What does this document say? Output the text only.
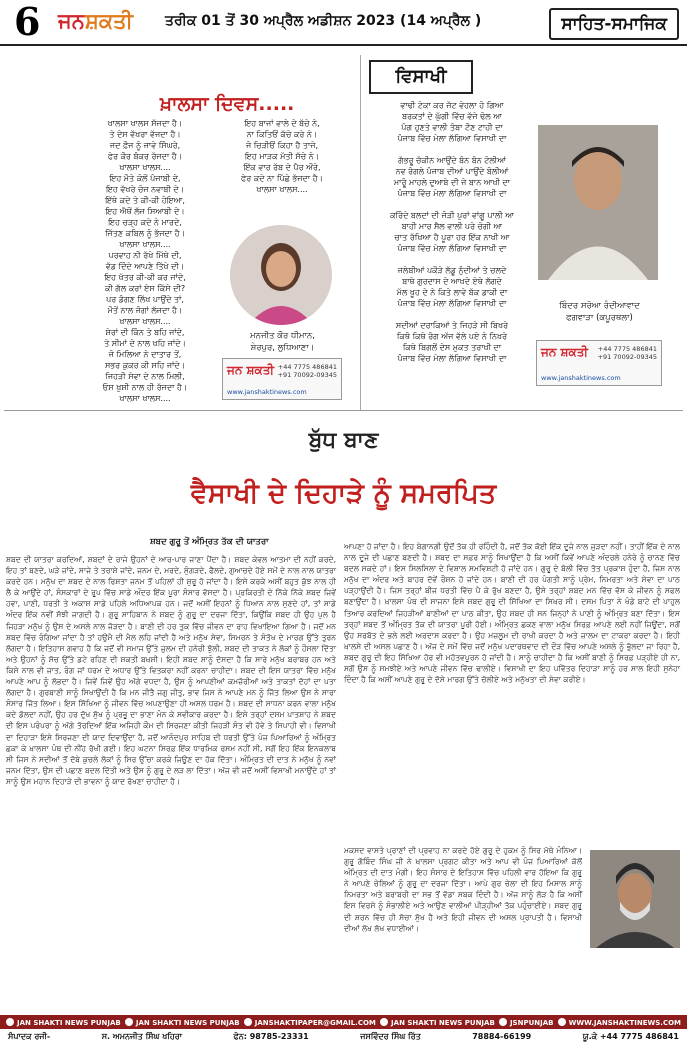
6 ਜਨਸ਼ਕਤੀ ਤਰੀਕ 01 ਤੋਂ 30 ਅਪ੍ਰੈਲ ਅਡੀਸ਼ਨ 2023 (14 ਅਪ੍ਰੈਲ )	ਸਾਹਿਤ-ਸਮਾਜਿਕ
ਖ਼ਾਲਸਾ ਦਿਵਸ.....
ਖਾਲਸਾ ਖਾਲਸ ਸੱਜਦਾ ਹੈ।
ਤੇ ਦੇਸ ਵੱਖਰਾ ਵੱਜਦਾ ਹੈ।
ਜਦ ਫ਼ੌਜ ਨੂੰ ਜਾਵੇ ਸਿੰਘਰੇ,
ਫੇਰ ਕੌਰ ਬੰਕਰ ਰੱਜਦਾ ਹੈ।
ਖਾਲਸਾ ਖਾਲਸ....
ਇਹ ਮੌਤੇ ਕੋਲੋਂ ਪੰਜਾਬੀ ਦੇ,
ਇਹ ਵੱਖਰੇ ਚੋਜ ਨਵਾਬੀ ਦੇ।
ਇੱਥੇ ਕਦੇ ਤੇ ਕੀ-ਕੀ ਹੋਇਆ,
ਇਹ ਐਥੋਂ ਲੱਜ ਸਿਆਬੀ ਦੇ।
ਇਹ ਚੜ੍ਹ ਕਦੇ ਨੇ ਮਾਰਦੇ,
ਜਿੱਤਣ ਕਬਿਲ ਨੂੰ ਭੱਜਦਾ ਹੈ।
ਖਾਲਸਾ ਖਾਲਸ....
ਪਰਵਾਹ ਨੀ ਰੱਖੇ ਮਿੱਥੇ ਦੀ,
ਵੱਡ ਦਿੰਦੇ ਆਪਣੇ ਤਿੱਖੇ ਦੀ।
ਇਹ ਖੱਤਰ ਕੀ-ਕੀ ਕਰ ਜਾਂਦੇ,
ਕੀ ਗੱਲ ਕਰਾਂ ਏਸ ਕਿੱਸੇ ਦੀ?
ਪਰ ਡੰਗਣ ਲਿੱਖ ਪਾਉਂਦੇ ਤਾਂ,
ਮੌਤੋਂ ਨਾਲ ਜੰਗਾਂ ਲੱਜਦਾ ਹੈ।
ਖਾਲਸਾ ਖਾਲਸ....
ਸ਼ੇਰਾਂ ਦੀ ਕਿੰਨ ਤੇ ਬਹਿ ਜਾਂਦੇ,
ਤੇ ਸੀਮਾਂ ਦੇ ਨਾਲ ਖਹਿ ਜਾਂਦੇ।
ਜੋ ਮਿਲਿਆ ਨੇ ਦਾਤਾਰ ਤੋਂ,
ਸਭਰ ਕੁਕਰ ਕੀ ਸਹਿ ਜਾਂਦੇ।
ਜਿਹੜੀ ਸੇਵਾ ਦੇ ਨਾਲ ਮਿਲੀ,
ਓਸ ਖੁਸ਼ੀ ਨਾਲ ਹੀ ਰੱਜਦਾ ਹੈ।
ਖਾਲਸਾ ਖਾਲਸ....
ਇਹ ਬਾਜਾਂ ਵਾਲੇ ਦੇ ਬੱਚੇ ਨੇ,
ਨਾ ਕਿਤਿਓਂ ਕੱਚੇ ਕਰੇ ਨੇ।
ਜੋ ਚਿੜੀਓਂ ਕਿਹਾ ਹੈ ਤਾਜੇ,
ਇਹ ਮਾੜਕ ਮੱਤੀ ਸੱਚੇ ਨੇ।
ਇੱਕ ਵਾਰ ਰੱਬ ਦੇ ਪੈਰ ਔਰੇ,
ਫੇਰ ਕਦੇ ਨਾ ਪਿੱਛੇ ਭੱਜਦਾ ਹੈ।
ਖਾਲਸਾ ਖਾਲਸ....
ਮਨਜੀਤ ਕੌਰ ਧੀਮਾਨ,
ਸ਼ੇਰਪੁਰ, ਲੁਧਿਆਣਾ।
ਜਨ ਸ਼ਕਤੀ +44 7775 486841
+91 70092-09345
www.janshaktinews.com
ਵਿਸਾਖੀ
ਵਾਢੀ ਟੇਕਾ ਕਰ ਜੱਟ ਵੇਹਲਾ ਹੋ ਗਿਆ
ਬਰਕਤਾਂ ਦੇ ਘੁੱਗੀ ਵਿੱਚ ਵੱਜੇ ਢੋਲ ਆ
ਪੰਗ ਹੁਣਤੇ ਵਾਲੀ ਤੰਬਾ ਟੌਣ ਟਾਹੀ ਦਾ
ਪੰਜਾਬ ਵਿੱਚ ਮੇਲਾ ਲੱਗਿਆ ਵਿਸਾਖੀ ਦਾ

ਗੱਭਰੂ ਚੱਕੀਨ ਆਉਂਦੇ ਬੰਨ ਬੰਨ ਟੋਲੀਆਂ
ਨਵ ਰੰਗਲੇ ਪੰਜਾਬ ਦੀਆਂ ਪਾਉਂਦੇ ਬੋਲੀਆਂ
ਮਾਰੂੰ ਮਾਹਲੇ ਦੁਆਬੇ ਦੀ ਜੇ ਬਾਨ ਆਖੀ ਦਾ
ਪੰਜਾਬ ਵਿੱਚ ਮੇਲਾ ਲੱਗਿਆ ਵਿਸਾਖੀ ਦਾ

ਕਰਿੰਦੇ ਬਲਦਾਂ ਦੀ ਜੋੜੀ ਪੁਰਾਂ ਵਾਂਗੂ ਪਾਲੀ ਆ
ਬਾਹੀ ਮਾਰ ਸੈਲ ਵਾਲੀ ਪਰੇ ਚੋਗੀ ਆ
ਚਾਤ ਰੱਖਿਆ ਹੈ ਪੂਰਾ ਹਰ ਇੱਕ ਨਾਖੀ ਆ
ਪੰਜਾਬ ਵਿੱਚ ਮੇਲਾ ਲੱਗਿਆ ਵਿਸਾਖੀ ਦਾ

ਜਲੇਬੀਆਂ ਪਕੌੜੇ ਲੱਡੂ ਨੁੰਦੀਆਂ ਤੇ ਚਲਦੇ
ਬਾਥੇ ਗੁਰਦਾਸ ਦੇ ਆਖਦੇ ਏਥੇ ਲੱਗਦੇ
ਮੱਲ ਖੂਹ ਦੇ ਨੇ ਕਿਤੇ ਲਾਵੇ ਬੱਕ ਡਾਕੀ ਦਾ
ਪੰਜਾਬ ਵਿੱਚ ਮੇਲਾ ਲੱਗਿਆ ਵਿਸਾਖੀ ਦਾ

ਸਦੀਆਂ ਦਰਾਕਿਆਂ ਤੇ ਜਿਹੜੇ ਸੀ ਬਿਖਰੇ
ਕਿਥੋ ਕਿਥੇ ਰੰਗ ਅੱਜ ਵੱਲੇ ਪਏ ਨੇ ਨਿਖਰੇ
ਕਿਥੇ ਬਿਗਲੋਂ ਦੇਸ ਮੁਕਤ ਤਰਾਖੀ ਦਾ
ਪੰਜਾਬ ਵਿੱਚ ਮੇਲਾ ਲੱਗਿਆ ਵਿਸਾਖੀ ਦਾ
ਬਿੰਦਰ ਸਰੋਆ ਰੰਦੀਆਵਾਦ
ਫਗਵਾੜਾ (ਕਪੂਰਥਲਾ)
ਜਨ ਸ਼ਕਤੀ +44 7775 486841
+91 70092-09345
www.janshaktinews.com
ਬੁੱਧ ਬਾਣ
ਵੈਸਾਖੀ ਦੇ ਦਿਹਾੜੇ ਨੂੰ ਸਮਰਪਿਤ
ਸ਼ਬਦ ਗੁਰੂ ਤੋਂ ਅੰਮ੍ਰਿਤ ਤੱਕ ਦੀ ਯਾਤਰਾ
ਸ਼ਬਦ ਦੀ ਯਾਤਰਾ ਕਰਦਿਆਂ, ਸ਼ਬਦਾਂ ਦੇ ਰਾਜੇ ਉਹਨਾਂ ਦੇ ਆਰ-ਪਾਰ ਜਾਣਾ ਪੈਂਦਾ ਹੈ। ਸ਼ਬਦ ਕੇਵਲ ਆਤਮਾ ਦੀ ਨਹੀਂ ਕਰਦੇ, ਇਹ ਤਾਂ ਬਣਦੇ, ਘੜੇ ਜਾਂਦੇ, ਸਾਜੇ ਤੇ ਤਰਾਸ਼ੇ ਜਾਂਦੇ, ਜਨਮ ਦੇ, ਮਰਦੇ, ਸੁੰਗੜਦੇ, ਫੈਲਦੇ, ਗੁਆਚਦੇ ਹੋਏ ਸਮੇਂ ਦੇ ਨਾਲ ਨਾਲ ਯਾਤਰਾ ਕਰਦੇ ਹਨ। ਮਨੁੱਖ ਦਾ ਸ਼ਬਦ ਦੇ ਨਾਲ ਰਿਸ਼ਤਾ ਜਨਮ ਤੋਂ ਪਹਿਲਾਂ ਹੀ ਸ਼ੁਰੂ ਹੋ ਜਾਂਦਾ ਹੈ। ਇਸੇ ਕਰਕੇ ਅਸੀਂ ਬਹੁਤ ਕੁੱਝ ਨਾਲ ਹੀ ਲੈ ਕੇ ਆਉਂਦੇ ਹਾਂ, ਸੰਸਕਾਰਾਂ ਦੇ ਰੂਪ ਵਿੱਚ ਸਾਡੇ ਅੰਦਰ ਇੱਕ ਪੂਰਾ ਸੰਸਾਰ ਵੱਸਦਾ ਹੈ। ਪ੍ਰਕਿਰਤੀ ਦੇ ਨਿੱਕੇ ਨਿੱਕੇ ਸ਼ਬਦ ਜਿਵੇਂ ਹਵਾ, ਪਾਣੀ, ਧਰਤੀ ਤੇ ਅਕਾਸ਼ ਸਾਡੇ ਪਹਿਲੇ ਅਧਿਆਪਕ ਹਨ। ਜਦੋਂ ਅਸੀਂ ਇਹਨਾਂ ਨੂੰ ਧਿਆਨ ਨਾਲ ਸੁਣਦੇ ਹਾਂ, ਤਾਂ ਸਾਡੇ ਅੰਦਰ ਇੱਕ ਨਵੀਂ ਸੋਝੀ ਜਾਗਦੀ ਹੈ। ਗੁਰੂ ਸਾਹਿਬਾਨ ਨੇ ਸ਼ਬਦ ਨੂੰ ਗੁਰੂ ਦਾ ਦਰਜਾ ਦਿੱਤਾ, ਕਿਉਂਕਿ ਸ਼ਬਦ ਹੀ ਉਹ ਪੁਲ ਹੈ ਜਿਹੜਾ ਮਨੁੱਖ ਨੂੰ ਉਸ ਦੇ ਅਸਲੇ ਨਾਲ ਜੋੜਦਾ ਹੈ। ਬਾਣੀ ਦੀ ਹਰ ਤੁਕ ਵਿੱਚ ਜੀਵਨ ਦਾ ਰਾਹ ਵਿਖਾਇਆ ਗਿਆ ਹੈ। ਜਦੋਂ ਮਨ ਸ਼ਬਦ ਵਿੱਚ ਰੰਗਿਆ ਜਾਂਦਾ ਹੈ ਤਾਂ ਹਉਮੈ ਦੀ ਮੈਲ ਲਹਿ ਜਾਂਦੀ ਹੈ ਅਤੇ ਮਨੁੱਖ ਸੇਵਾ, ਸਿਮਰਨ ਤੇ ਸੰਤੋਖ ਦੇ ਮਾਰਗ ਉੱਤੇ ਤੁਰਨ ਲੱਗਦਾ ਹੈ। ਇਤਿਹਾਸ ਗਵਾਹ ਹੈ ਕਿ ਜਦੋਂ ਵੀ ਸਮਾਜ ਉੱਤੇ ਜ਼ੁਲਮ ਦੀ ਹਨੇਰੀ ਝੁੱਲੀ, ਸ਼ਬਦ ਦੀ ਤਾਕਤ ਨੇ ਲੋਕਾਂ ਨੂੰ ਹੌਸਲਾ ਦਿੱਤਾ ਅਤੇ ਉਹਨਾਂ ਨੂੰ ਸੱਚ ਉੱਤੇ ਡਟੇ ਰਹਿਣ ਦੀ ਸ਼ਕਤੀ ਬਖ਼ਸ਼ੀ। ਇਹੀ ਸ਼ਬਦ ਸਾਨੂੰ ਦੱਸਦਾ ਹੈ ਕਿ ਸਾਰੇ ਮਨੁੱਖ ਬਰਾਬਰ ਹਨ ਅਤੇ ਕਿਸੇ ਨਾਲ ਵੀ ਜਾਤ, ਰੰਗ ਜਾਂ ਧਰਮ ਦੇ ਅਧਾਰ ਉੱਤੇ ਵਿਤਕਰਾ ਨਹੀਂ ਕਰਨਾ ਚਾਹੀਦਾ। ਸ਼ਬਦ ਦੀ ਇਸ ਯਾਤਰਾ ਵਿੱਚ ਮਨੁੱਖ ਆਪਣੇ ਆਪ ਨੂੰ ਲੱਭਦਾ ਹੈ। ਜਿਵੇਂ ਜਿਵੇਂ ਉਹ ਅੱਗੇ ਵਧਦਾ ਹੈ, ਉਸ ਨੂੰ ਆਪਣੀਆਂ ਕਮਜ਼ੋਰੀਆਂ ਅਤੇ ਤਾਕਤਾਂ ਦੋਹਾਂ ਦਾ ਪਤਾ ਲੱਗਦਾ ਹੈ। ਗੁਰਬਾਣੀ ਸਾਨੂੰ ਸਿਖਾਉਂਦੀ ਹੈ ਕਿ ਮਨ ਜੀਤੈ ਜਗੁ ਜੀਤੁ, ਭਾਵ ਜਿਸ ਨੇ ਆਪਣੇ ਮਨ ਨੂੰ ਜਿੱਤ ਲਿਆ ਉਸ ਨੇ ਸਾਰਾ ਸੰਸਾਰ ਜਿੱਤ ਲਿਆ। ਇਸ ਸਿੱਖਿਆ ਨੂੰ ਜੀਵਨ ਵਿੱਚ ਅਪਣਾਉਣਾ ਹੀ ਅਸਲ ਧਰਮ ਹੈ। ਸ਼ਬਦ ਦੀ ਸਾਧਨਾ ਕਰਨ ਵਾਲਾ ਮਨੁੱਖ ਕਦੇ ਡੋਲਦਾ ਨਹੀਂ, ਉਹ ਹਰ ਦੁੱਖ ਸੁੱਖ ਨੂੰ ਪ੍ਰਭੂ ਦਾ ਭਾਣਾ ਮੰਨ ਕੇ ਸਵੀਕਾਰ ਕਰਦਾ ਹੈ। ਇਸੇ ਤਰ੍ਹਾਂ ਦਸਮ ਪਾਤਸ਼ਾਹ ਨੇ ਸ਼ਬਦ ਦੀ ਇਸ ਪਰੰਪਰਾ ਨੂੰ ਅੱਗੇ ਤੋਰਦਿਆਂ ਇੱਕ ਅਜਿਹੀ ਕੌਮ ਦੀ ਸਿਰਜਣਾ ਕੀਤੀ ਜਿਹੜੀ ਸੰਤ ਵੀ ਹੋਵੇ ਤੇ ਸਿਪਾਹੀ ਵੀ। ਵਿਸਾਖੀ ਦਾ ਦਿਹਾੜਾ ਇਸੇ ਸਿਰਜਣਾ ਦੀ ਯਾਦ ਦਿਵਾਉਂਦਾ ਹੈ, ਜਦੋਂ ਆਨੰਦਪੁਰ ਸਾਹਿਬ ਦੀ ਧਰਤੀ ਉੱਤੇ ਪੰਜ ਪਿਆਰਿਆਂ ਨੂੰ ਅੰਮ੍ਰਿਤ ਛਕਾ ਕੇ ਖ਼ਾਲਸਾ ਪੰਥ ਦੀ ਨੀਂਹ ਰੱਖੀ ਗਈ। ਇਹ ਘਟਨਾ ਸਿਰਫ਼ ਇੱਕ ਧਾਰਮਿਕ ਰਸਮ ਨਹੀਂ ਸੀ, ਸਗੋਂ ਇਹ ਇੱਕ ਇਨਕਲਾਬ ਸੀ ਜਿਸ ਨੇ ਸਦੀਆਂ ਤੋਂ ਦੱਬੇ ਕੁਚਲੇ ਲੋਕਾਂ ਨੂੰ ਸਿਰ ਉੱਚਾ ਕਰਕੇ ਜਿਊਣ ਦਾ ਹੱਕ ਦਿੱਤਾ। ਅੰਮ੍ਰਿਤ ਦੀ ਦਾਤ ਨੇ ਮਨੁੱਖ ਨੂੰ ਨਵਾਂ ਜਨਮ ਦਿੱਤਾ, ਉਸ ਦੀ ਪਛਾਣ ਬਦਲ ਦਿੱਤੀ ਅਤੇ ਉਸ ਨੂੰ ਗੁਰੂ ਦੇ ਲੜ ਲਾ ਦਿੱਤਾ। ਅੱਜ ਵੀ ਜਦੋਂ ਅਸੀਂ ਵਿਸਾਖੀ ਮਨਾਉਂਦੇ ਹਾਂ ਤਾਂ ਸਾਨੂੰ ਉਸ ਮਹਾਨ ਦਿਹਾੜੇ ਦੀ ਭਾਵਨਾ ਨੂੰ ਯਾਦ ਰੱਖਣਾ ਚਾਹੀਦਾ ਹੈ।
ਆਪਣਾ ਹੋ ਜਾਂਦਾ ਹੈ। ਇਹ ਬੇਗਾਨਗੀ ਉਦੋਂ ਤੱਕ ਹੀ ਰਹਿੰਦੀ ਹੈ, ਜਦੋਂ ਤੱਕ ਕੋਈ ਇੱਕ ਦੂਜੇ ਨਾਲ ਜੁੜਦਾ ਨਹੀਂ। ਤਾਹੀਂ ਇੱਕ ਦੇ ਨਾਲ ਨਾਲ ਦੂਜੇ ਦੀ ਪਛਾਣ ਬਣਦੀ ਹੈ। ਸ਼ਬਦ ਦਾ ਸਫ਼ਰ ਸਾਨੂੰ ਸਿਖਾਉਂਦਾ ਹੈ ਕਿ ਅਸੀਂ ਕਿਵੇਂ ਆਪਣੇ ਅੰਦਰਲੇ ਹਨੇਰੇ ਨੂੰ ਚਾਨਣ ਵਿੱਚ ਬਦਲ ਸਕਦੇ ਹਾਂ। ਇਸ ਸਿਲਸਿਲਾ ਦੇ ਵਿਸ਼ਾਲ ਸਮਵਿਸ਼ਟੀ ਹੋ ਜਾਂਦੇ ਹਨ। ਗੁਰੂ ਦੇ ਬੋਲੀ ਵਿੱਚ ਤੱਤ ਪ੍ਰਕਾਸ਼ ਹੁੰਦਾ ਹੈ, ਜਿਸ ਨਾਲ ਮਨੁੱਖ ਦਾ ਅੰਦਰ ਅਤੇ ਬਾਹਰ ਦੋਵੇਂ ਰੌਸ਼ਨ ਹੋ ਜਾਂਦੇ ਹਨ। ਬਾਣੀ ਦੀ ਹਰ ਪੰਗਤੀ ਸਾਨੂੰ ਪ੍ਰੇਮ, ਨਿਮਰਤਾ ਅਤੇ ਸੇਵਾ ਦਾ ਪਾਠ ਪੜ੍ਹਾਉਂਦੀ ਹੈ। ਜਿਸ ਤਰ੍ਹਾਂ ਬੀਜ ਧਰਤੀ ਵਿੱਚ ਪੈ ਕੇ ਰੁੱਖ ਬਣਦਾ ਹੈ, ਉਸੇ ਤਰ੍ਹਾਂ ਸ਼ਬਦ ਮਨ ਵਿੱਚ ਵੱਸ ਕੇ ਜੀਵਨ ਨੂੰ ਸਫਲ ਬਣਾਉਂਦਾ ਹੈ। ਖ਼ਾਲਸਾ ਪੰਥ ਦੀ ਸਾਜਨਾ ਇਸੇ ਸ਼ਬਦ ਗੁਰੂ ਦੀ ਸਿੱਖਿਆ ਦਾ ਸਿਖ਼ਰ ਸੀ। ਦਸਮ ਪਿਤਾ ਨੇ ਖੰਡੇ ਬਾਟੇ ਦੀ ਪਾਹੁਲ ਤਿਆਰ ਕਰਦਿਆਂ ਜਿਹੜੀਆਂ ਬਾਣੀਆਂ ਦਾ ਪਾਠ ਕੀਤਾ, ਉਹ ਸ਼ਬਦ ਹੀ ਸਨ ਜਿਨ੍ਹਾਂ ਨੇ ਪਾਣੀ ਨੂੰ ਅੰਮ੍ਰਿਤ ਬਣਾ ਦਿੱਤਾ। ਇਸ ਤਰ੍ਹਾਂ ਸ਼ਬਦ ਤੋਂ ਅੰਮ੍ਰਿਤ ਤੱਕ ਦੀ ਯਾਤਰਾ ਪੂਰੀ ਹੋਈ। ਅੰਮ੍ਰਿਤ ਛਕਣ ਵਾਲਾ ਮਨੁੱਖ ਸਿਰਫ਼ ਆਪਣੇ ਲਈ ਨਹੀਂ ਜਿਊਂਦਾ, ਸਗੋਂ ਉਹ ਸਰਬੱਤ ਦੇ ਭਲੇ ਲਈ ਅਰਦਾਸ ਕਰਦਾ ਹੈ। ਉਹ ਮਜ਼ਲੂਮ ਦੀ ਰਾਖੀ ਕਰਦਾ ਹੈ ਅਤੇ ਜ਼ਾਲਮ ਦਾ ਟਾਕਰਾ ਕਰਦਾ ਹੈ। ਇਹੀ ਖ਼ਾਲਸੇ ਦੀ ਅਸਲ ਪਛਾਣ ਹੈ। ਅੱਜ ਦੇ ਸਮੇਂ ਵਿੱਚ ਜਦੋਂ ਮਨੁੱਖ ਪਦਾਰਥਵਾਦ ਦੀ ਦੌੜ ਵਿੱਚ ਆਪਣੇ ਅਸਲੇ ਨੂੰ ਭੁੱਲਦਾ ਜਾ ਰਿਹਾ ਹੈ, ਸ਼ਬਦ ਗੁਰੂ ਦੀ ਇਹ ਸਿੱਖਿਆ ਹੋਰ ਵੀ ਮਹੱਤਵਪੂਰਨ ਹੋ ਜਾਂਦੀ ਹੈ। ਸਾਨੂੰ ਚਾਹੀਦਾ ਹੈ ਕਿ ਅਸੀਂ ਬਾਣੀ ਨੂੰ ਸਿਰਫ਼ ਪੜ੍ਹੀਏ ਹੀ ਨਾ, ਸਗੋਂ ਉਸ ਨੂੰ ਸਮਝੀਏ ਅਤੇ ਆਪਣੇ ਜੀਵਨ ਵਿੱਚ ਢਾਲੀਏ। ਵਿਸਾਖੀ ਦਾ ਇਹ ਪਵਿੱਤਰ ਦਿਹਾੜਾ ਸਾਨੂੰ ਹਰ ਸਾਲ ਇਹੀ ਸੁਨੇਹਾ ਦਿੰਦਾ ਹੈ ਕਿ ਅਸੀਂ ਆਪਣੇ ਗੁਰੂ ਦੇ ਦੱਸੇ ਮਾਰਗ ਉੱਤੇ ਚੱਲੀਏ ਅਤੇ ਮਨੁੱਖਤਾ ਦੀ ਸੇਵਾ ਕਰੀਏ।
ਮਕਸਦ ਵਾਸਤੇ ਪ੍ਰਾਣਾਂ ਦੀ ਪ੍ਰਵਾਹ ਨਾ ਕਰਦੇ ਹੋਏ ਗੁਰੂ ਦੇ ਹੁਕਮ ਨੂੰ ਸਿਰ ਮੱਥੇ ਮੰਨਿਆ। ਗੁਰੂ ਗੋਬਿੰਦ ਸਿੰਘ ਜੀ ਨੇ ਖ਼ਾਲਸਾ ਪ੍ਰਗਟ ਕੀਤਾ ਅਤੇ ਆਪ ਵੀ ਪੰਜ ਪਿਆਰਿਆਂ ਕੋਲੋਂ ਅੰਮ੍ਰਿਤ ਦੀ ਦਾਤ ਮੰਗੀ। ਇਹ ਸੰਸਾਰ ਦੇ ਇਤਿਹਾਸ ਵਿੱਚ ਪਹਿਲੀ ਵਾਰ ਹੋਇਆ ਕਿ ਗੁਰੂ ਨੇ ਆਪਣੇ ਚੇਲਿਆਂ ਨੂੰ ਗੁਰੂ ਦਾ ਦਰਜਾ ਦਿੱਤਾ। ਆਪੇ ਗੁਰ ਚੇਲਾ ਦੀ ਇਹ ਮਿਸਾਲ ਸਾਨੂੰ ਨਿਮਰਤਾ ਅਤੇ ਬਰਾਬਰੀ ਦਾ ਸਭ ਤੋਂ ਵੱਡਾ ਸਬਕ ਦਿੰਦੀ ਹੈ। ਅੱਜ ਸਾਨੂੰ ਲੋੜ ਹੈ ਕਿ ਅਸੀਂ ਇਸ ਵਿਰਸੇ ਨੂੰ ਸੰਭਾਲੀਏ ਅਤੇ ਆਉਣ ਵਾਲੀਆਂ ਪੀੜ੍ਹੀਆਂ ਤੱਕ ਪਹੁੰਚਾਈਏ। ਸ਼ਬਦ ਗੁਰੂ ਦੀ ਸ਼ਰਨ ਵਿੱਚ ਹੀ ਸੱਚਾ ਸੁੱਖ ਹੈ ਅਤੇ ਇਹੀ ਜੀਵਨ ਦੀ ਅਸਲ ਪ੍ਰਾਪਤੀ ਹੈ। ਵਿਸਾਖੀ ਦੀਆਂ ਲੱਖ ਲੱਖ ਵਧਾਈਆਂ।
JAN SHAKTI NEWS PUNJAB	JAN SHAKTI NEWS PUNJAB	JANSHAKTIPAPER@GMAIL.COM	JAN SHAKTI NEWS PUNJAB	JSNPUNJAB	WWW.JANSHAKTINEWS.COM
ਸੰਪਾਦਕ ਰਜੀ-	ਸ. ਅਮਨਜੀਤ ਸਿੰਘ ਖਹਿਰਾ	ਫੋਨ: 98785-23331	ਜਸਵਿੰਦਰ ਸਿੰਘ ਰਿੱਤ	78884-66199	ਯੂ.ਕੇ +44 7775 486841
